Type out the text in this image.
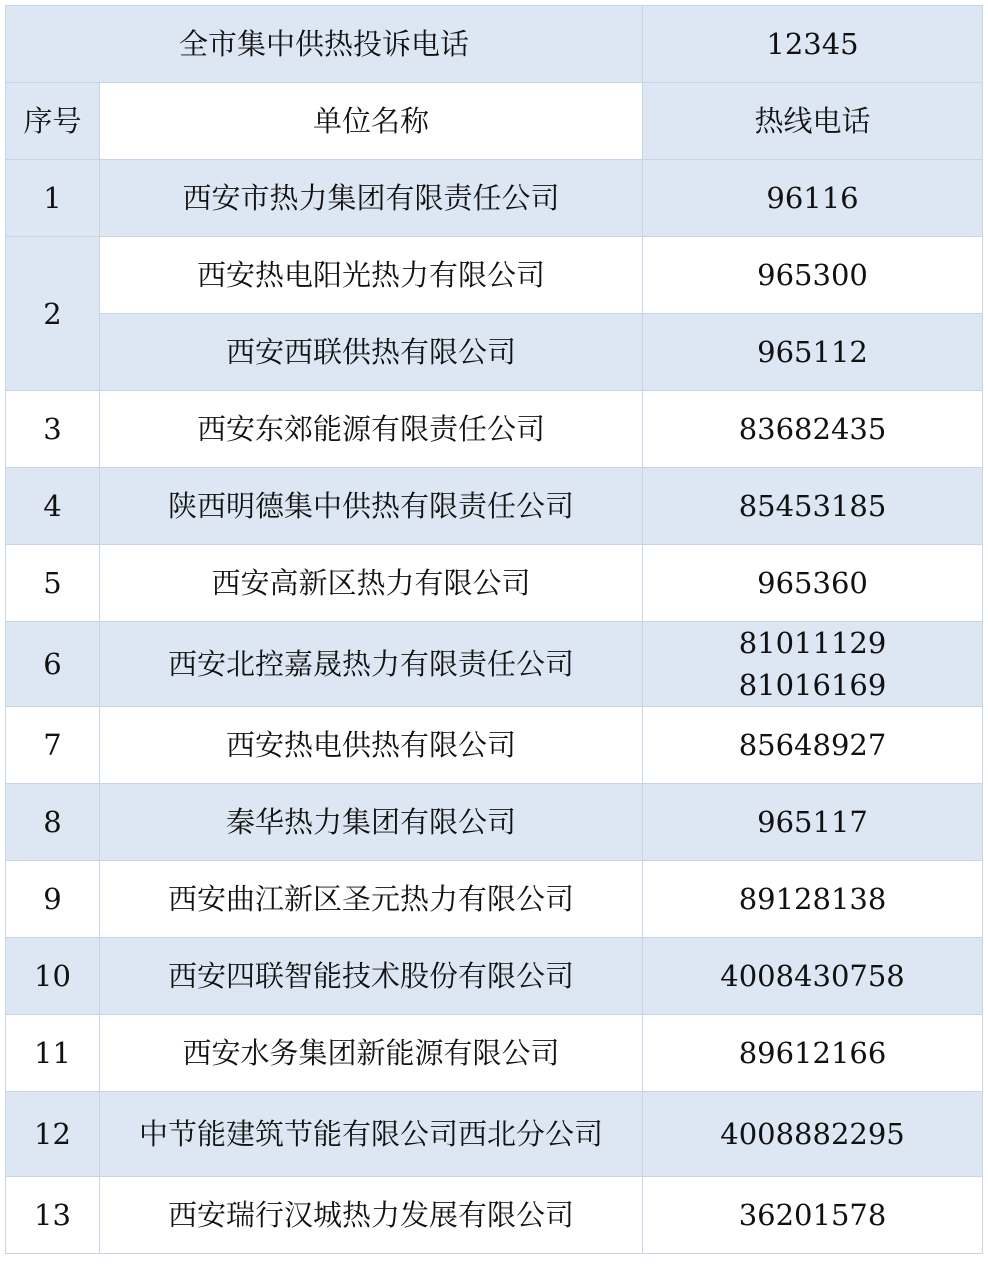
全市集中供热投诉电话		12345
序号	单位名称	热线电话
1	西安市热力集团有限责任公司	96116
2	西安热电阳光热力有限公司	965300
	西安西联供热有限公司	965112
3	西安东郊能源有限责任公司	83682435
4	陕西明德集中供热有限责任公司	85453185
5	西安高新区热力有限公司	965360
6	西安北控嘉晟热力有限责任公司	81011129
81016169

7	西安热电供热有限公司	85648927
8	秦华热力集团有限公司	965117
9	西安曲江新区圣元热力有限公司	89128138
10	西安四联智能技术股份有限公司	4008430758
11	西安水务集团新能源有限公司	89612166
12	中节能建筑节能有限公司西北分公司	4008882295
13	西安瑞行汉城热力发展有限公司	36201578
